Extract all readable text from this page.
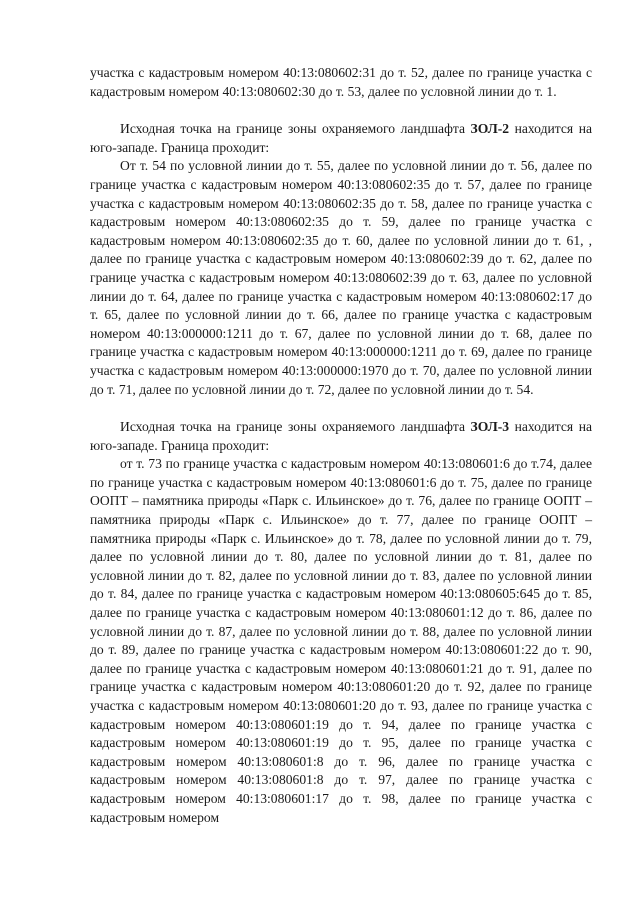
участка с кадастровым номером 40:13:080602:31 до т. 52, далее по границе участка с кадастровым номером 40:13:080602:30 до т. 53, далее по условной линии до т. 1.

Исходная точка на границе зоны охраняемого ландшафта ЗОЛ-2 находится на юго-западе. Граница проходит:

От т. 54 по условной линии до т. 55, далее по условной линии до т. 56, далее по границе участка с кадастровым номером 40:13:080602:35 до т. 57, далее по границе участка с кадастровым номером 40:13:080602:35 до т. 58, далее по границе участка с кадастровым номером 40:13:080602:35 до т. 59, далее по границе участка с кадастровым номером 40:13:080602:35 до т. 60, далее по условной линии до т. 61, , далее по границе участка с кадастровым номером 40:13:080602:39 до т. 62, далее по границе участка с кадастровым номером 40:13:080602:39 до т. 63, далее по условной линии до т. 64, далее по границе участка с кадастровым номером 40:13:080602:17 до т. 65, далее по условной линии до т. 66, далее по границе участка с кадастровым номером 40:13:000000:1211 до т. 67, далее по условной линии до т. 68, далее по границе участка с кадастровым номером 40:13:000000:1211 до т. 69, далее по границе участка с кадастровым номером 40:13:000000:1970 до т. 70, далее по условной линии до т. 71, далее по условной линии до т. 72, далее по условной линии до т. 54.

Исходная точка на границе зоны охраняемого ландшафта ЗОЛ-3 находится на юго-западе. Граница проходит:

от т. 73 по границе участка с кадастровым номером 40:13:080601:6 до т.74, далее по границе участка с кадастровым номером 40:13:080601:6 до т. 75, далее по границе ООПТ – памятника природы «Парк с. Ильинское» до т. 76, далее по границе ООПТ – памятника природы «Парк с. Ильинское» до т. 77, далее по границе ООПТ – памятника природы «Парк с. Ильинское» до т. 78, далее по условной линии до т. 79, далее по условной линии до т. 80, далее по условной линии до т. 81, далее по условной линии до т. 82, далее по условной линии до т. 83, далее по условной линии до т. 84, далее по границе участка с кадастровым номером 40:13:080605:645 до т. 85, далее по границе участка с кадастровым номером 40:13:080601:12 до т. 86, далее по условной линии до т. 87, далее по условной линии до т. 88, далее по условной линии до т. 89, далее по границе участка с кадастровым номером 40:13:080601:22 до т. 90, далее по границе участка с кадастровым номером 40:13:080601:21 до т. 91, далее по границе участка с кадастровым номером 40:13:080601:20 до т. 92, далее по границе участка с кадастровым номером 40:13:080601:20 до т. 93, далее по границе участка с кадастровым номером 40:13:080601:19 до т. 94, далее по границе участка с кадастровым номером 40:13:080601:19 до т. 95, далее по границе участка с кадастровым номером 40:13:080601:8 до т. 96, далее по границе участка с кадастровым номером 40:13:080601:8 до т. 97, далее по границе участка с кадастровым номером 40:13:080601:17 до т. 98, далее по границе участка с кадастровым номером
